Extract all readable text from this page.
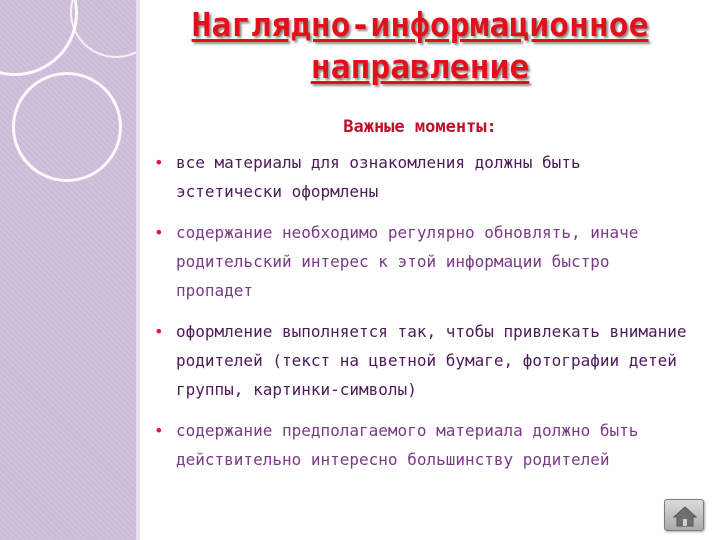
Наглядно-информационное направление
Важные моменты:
• все материалы для ознакомления должны быть эстетически оформлены
• содержание необходимо регулярно обновлять, иначе родительский интерес к этой информации быстро пропадет
• оформление выполняется так, чтобы привлекать внимание родителей (текст на цветной бумаге, фотографии детей группы, картинки-символы)
• содержание предполагаемого материала должно быть действительно интересно большинству родителей
